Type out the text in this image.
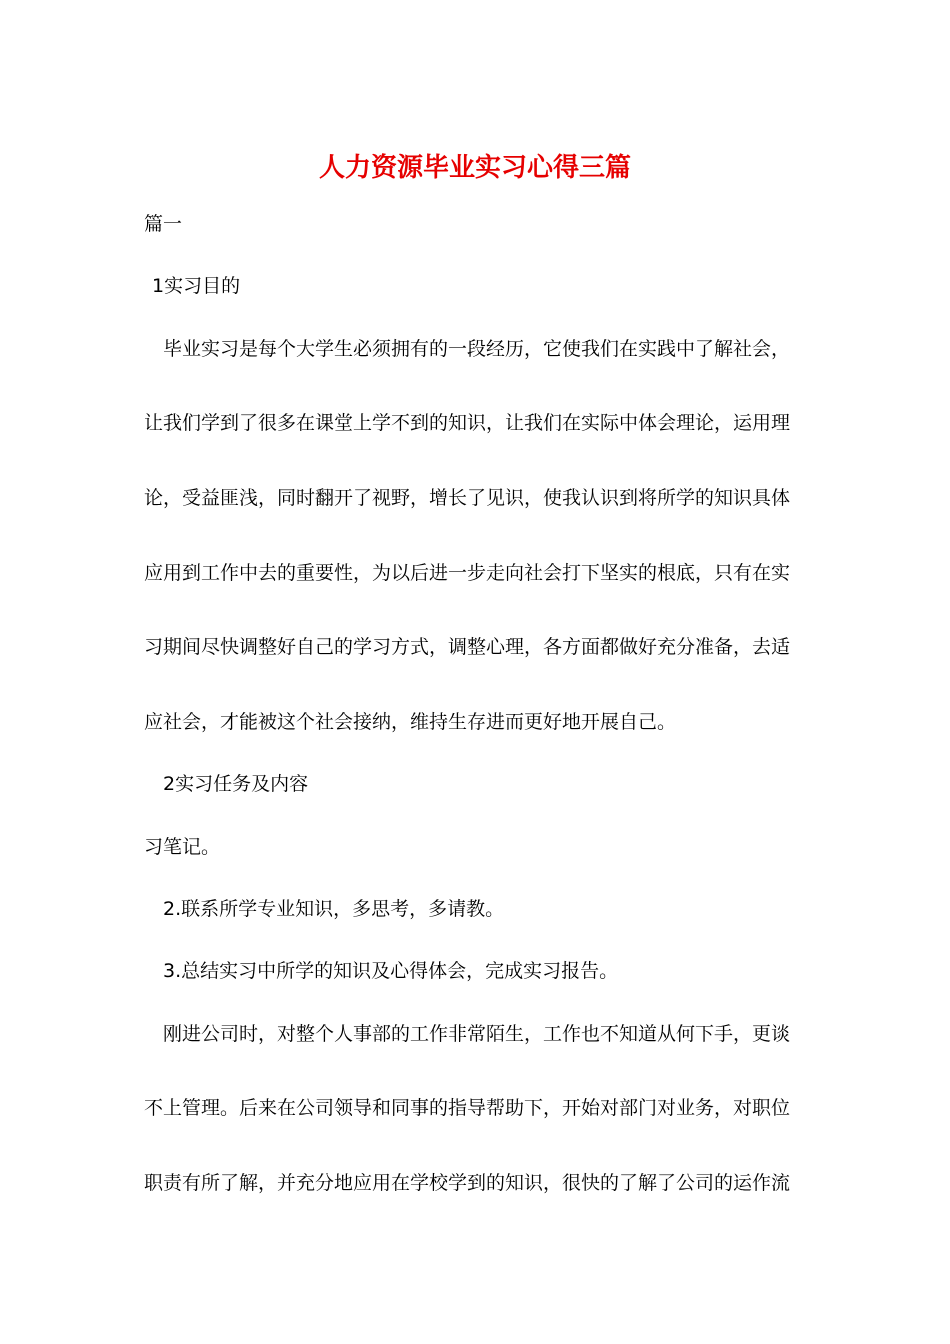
人力资源毕业实习心得三篇
篇一
1实习目的
毕业实习是每个大学生必须拥有的一段经历，它使我们在实践中了解社会，
让我们学到了很多在课堂上学不到的知识，让我们在实际中体会理论，运用理
论，受益匪浅，同时翻开了视野，增长了见识，使我认识到将所学的知识具体
应用到工作中去的重要性，为以后进一步走向社会打下坚实的根底，只有在实
习期间尽快调整好自己的学习方式，调整心理，各方面都做好充分准备，去适
应社会，才能被这个社会接纳，维持生存进而更好地开展自己。
2实习任务及内容
习笔记。
2.联系所学专业知识，多思考，多请教。
3.总结实习中所学的知识及心得体会，完成实习报告。
刚进公司时，对整个人事部的工作非常陌生，工作也不知道从何下手，更谈
不上管理。后来在公司领导和同事的指导帮助下，开始对部门对业务，对职位
职责有所了解，并充分地应用在学校学到的知识，很快的了解了公司的运作流
